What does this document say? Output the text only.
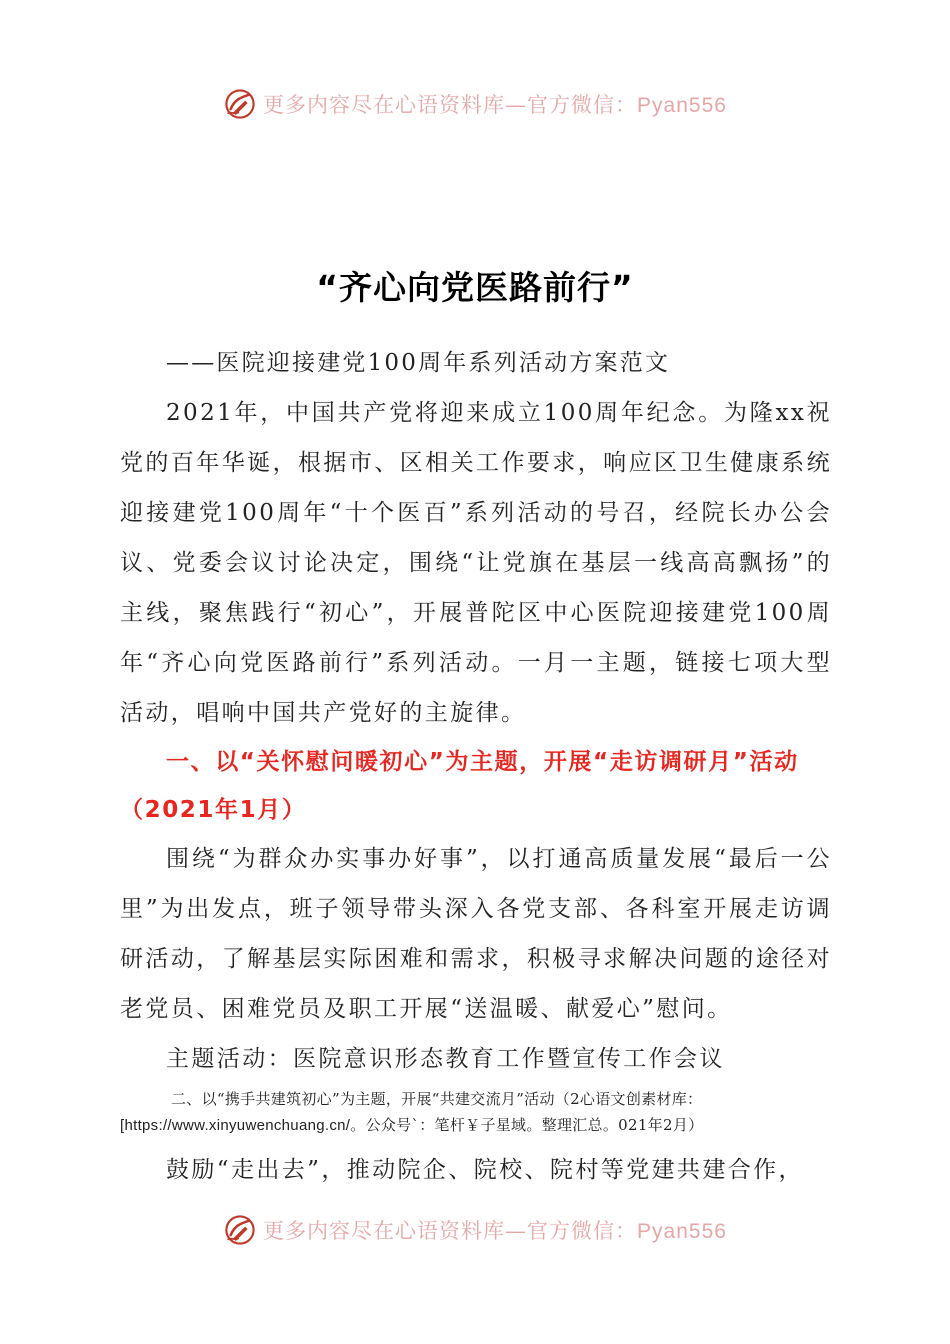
更多内容尽在心语资料库—官方微信：Pyan556
“齐心向党医路前行”

——医院迎接建党100周年系列活动方案范文

2021年，中国共产党将迎来成立100周年纪念。为隆xx祝党的百年华诞，根据市、区相关工作要求，响应区卫生健康系统迎接建党100周年“十个医百”系列活动的号召，经院长办公会议、党委会议讨论决定，围绕“让党旗在基层一线高高飘扬”的主线，聚焦践行“初心”，开展普陀区中心医院迎接建党100周年“齐心向党医路前行”系列活动。一月一主题，链接七项大型活动，唱响中国共产党好的主旋律。

一、以“关怀慰问暖初心”为主题，开展“走访调研月”活动（2021年1月）

围绕“为群众办实事办好事”，以打通高质量发展“最后一公里”为出发点，班子领导带头深入各党支部、各科室开展走访调研活动，了解基层实际困难和需求，积极寻求解决问题的途径对老党员、困难党员及职工开展“送温暖、献爱心”慰问。

主题活动：医院意识形态教育工作暨宣传工作会议

二、以“携手共建筑初心”为主题，开展“共建交流月”活动（2心语文创素材库：[https://www.xinyuwenchuang.cn/。公众号`：笔杆￥子星域。整理汇总。021年2月）

鼓励“走出去”，推动院企、院校、院村等党建共建合作，

更多内容尽在心语资料库—官方微信：Pyan556
